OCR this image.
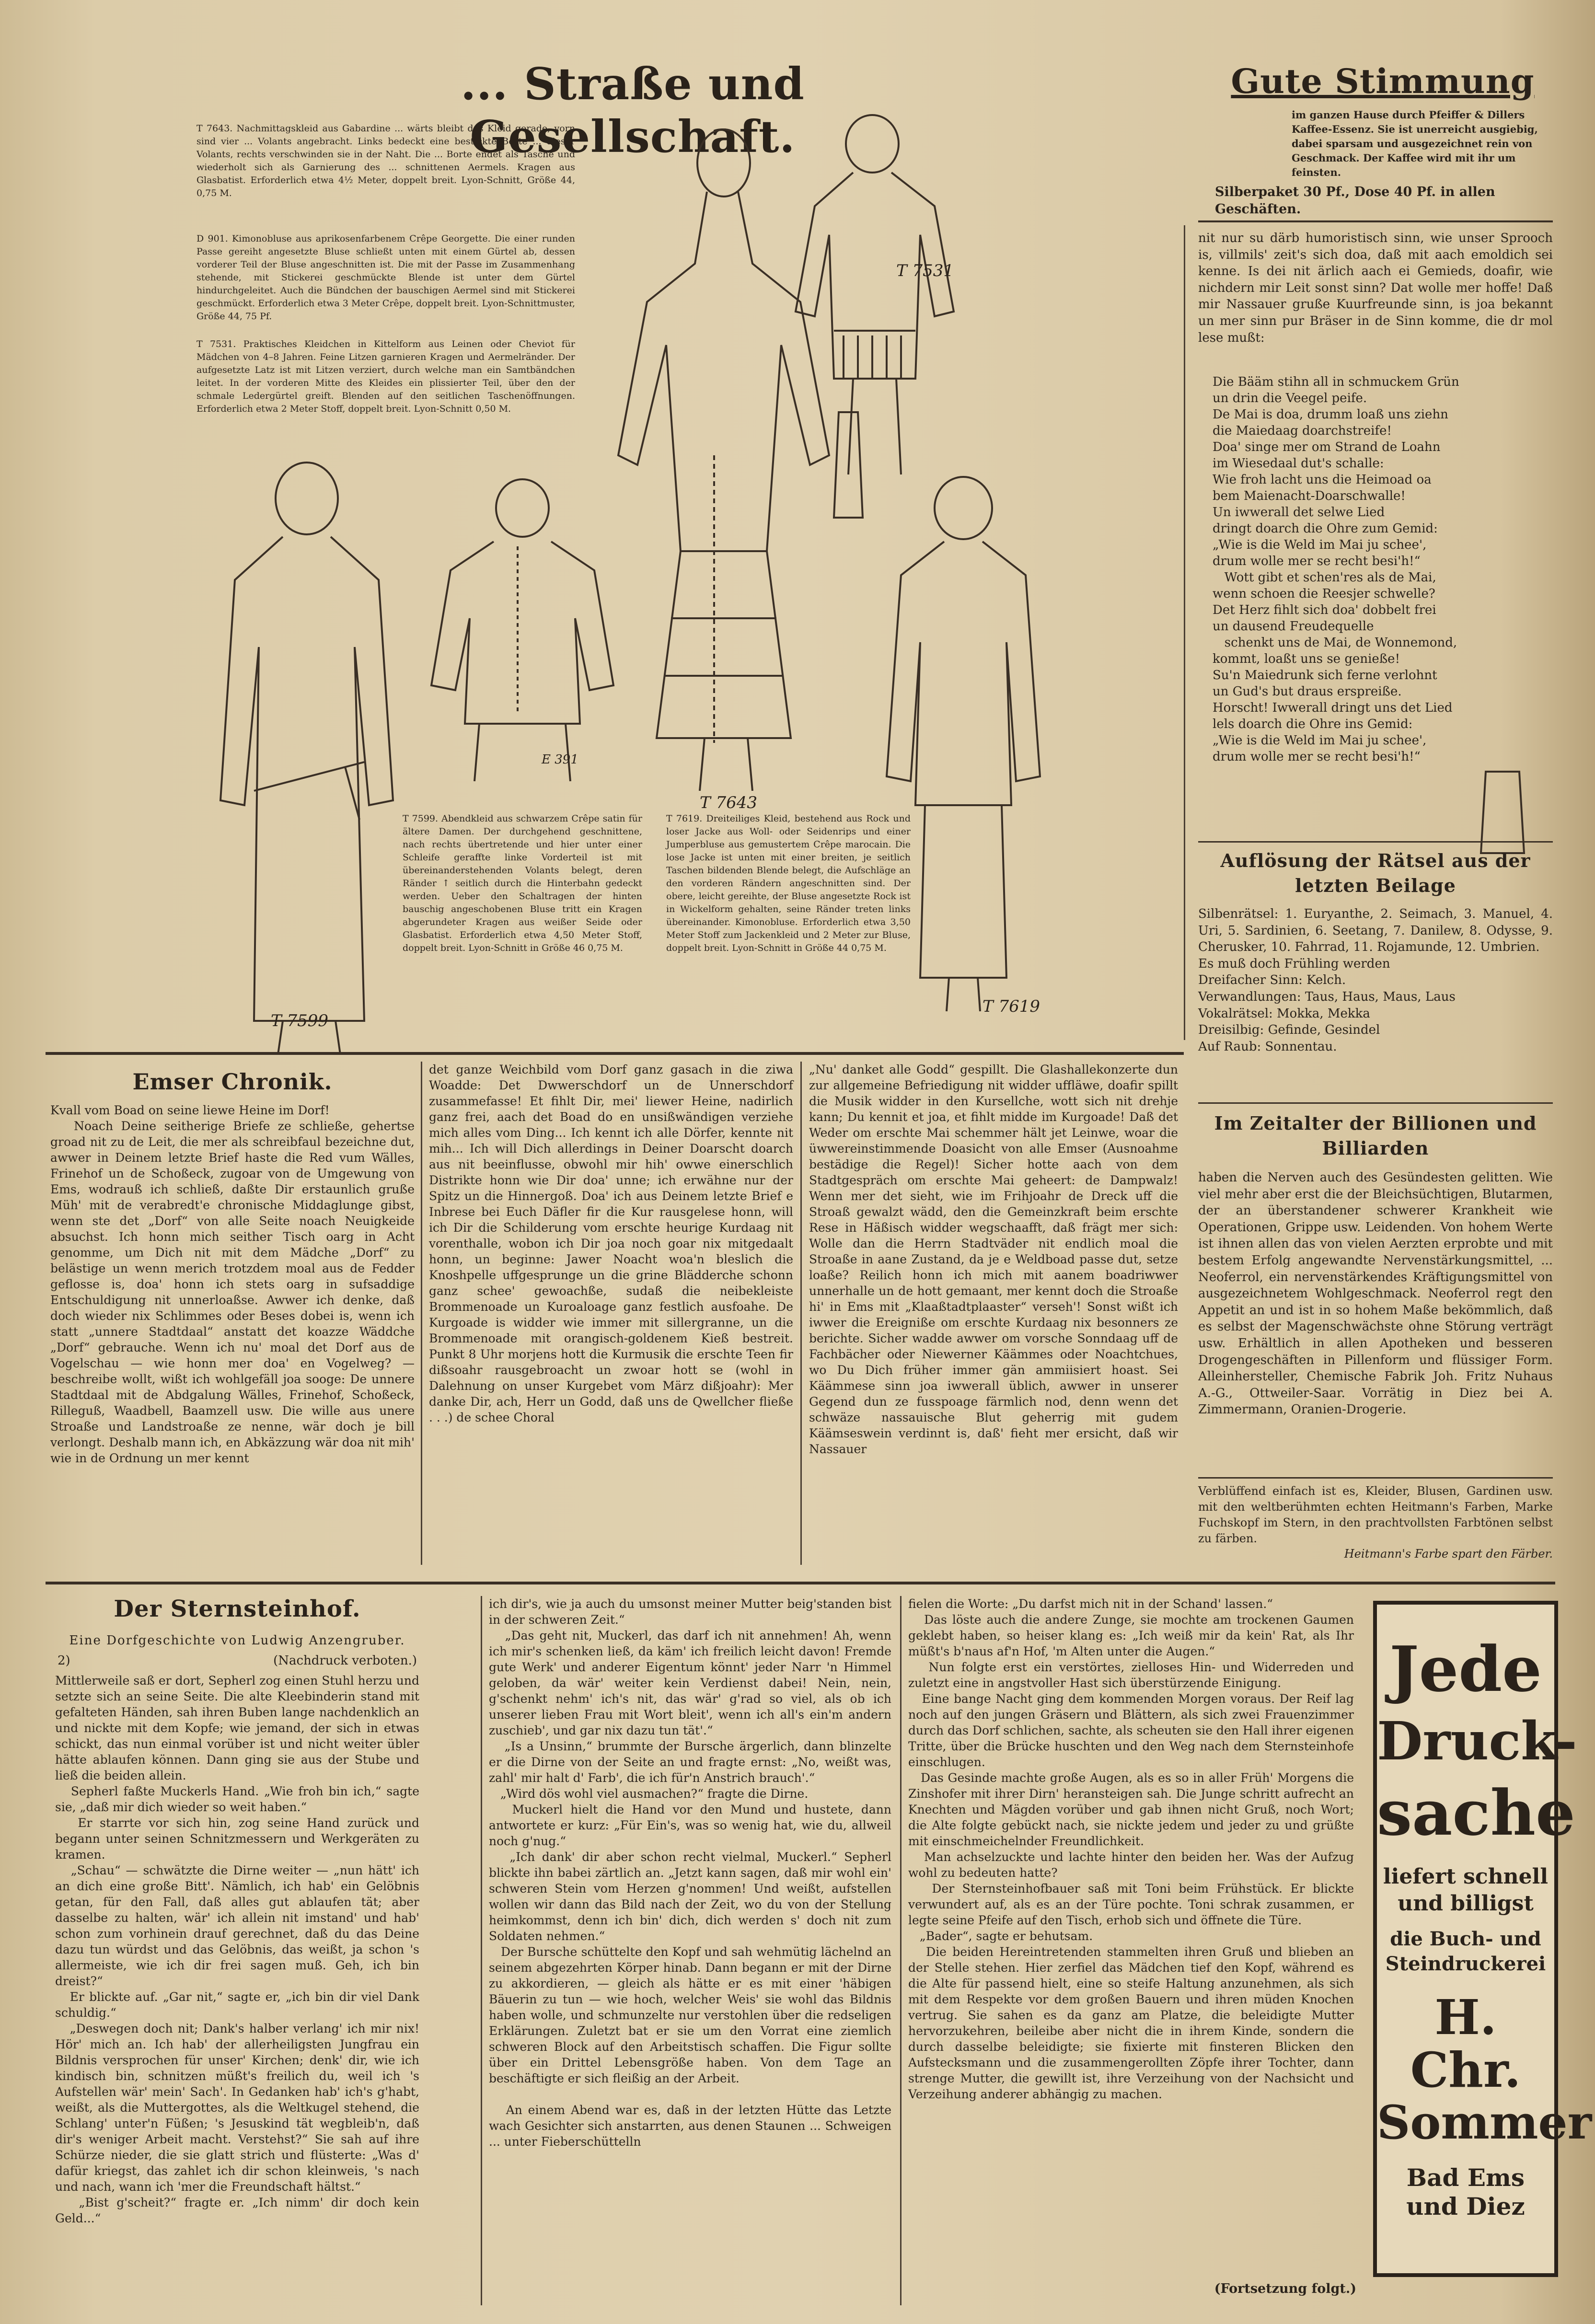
... Straße und Gesellschaft.
Gute Stimmung
im ganzen Hause durch Pfeiffer & Dillers Kaffee-Essenz. Sie ist unerreicht ausgiebig, dabei sparsam und ausgezeichnet rein von Geschmack. Der Kaffee wird mit ihr um feinsten.
Silberpaket 30 Pf., Dose 40 Pf. in allen Geschäften.
T 7643. Nachmittagskleid aus Gabardine ... wärts bleibt das Kleid gerade, vorn sind vier ... Volants angebracht. Links bedeckt eine bestickte Borte ... dieser Volants, rechts verschwinden sie in der Naht. Die ... Borte endet als Tasche und wiederholt sich als Garnierung des ... schnittenen Aermels. Kragen aus Glasbatist. Erforderlich etwa 4½ Meter, doppelt breit. Lyon-Schnitt, Größe 44, 0,75 M.
D 901. Kimonobluse aus aprikosenfarbenem Crêpe Georgette. Die einer runden Passe gereiht angesetzte Bluse schließt unten mit einem Gürtel ab, dessen vorderer Teil der Bluse angeschnitten ist. Die mit der Passe im Zusammenhang stehende, mit Stickerei geschmückte Blende ist unter dem Gürtel hindurchgeleitet. Auch die Bündchen der bauschigen Aermel sind mit Stickerei geschmückt. Erforderlich etwa 3 Meter Crêpe, doppelt breit. Lyon-Schnittmuster, Größe 44, 75 Pf.
T 7531. Praktisches Kleidchen in Kittelform aus Leinen oder Cheviot für Mädchen von 4–8 Jahren. Feine Litzen garnieren Kragen und Aermelränder. Der aufgesetzte Latz ist mit Litzen verziert, durch welche man ein Samtbändchen leitet. In der vorderen Mitte des Kleides ein plissierter Teil, über den der schmale Ledergürtel greift. Blenden auf den seitlichen Taschenöffnungen. Erforderlich etwa 2 Meter Stoff, doppelt breit. Lyon-Schnitt 0,50 M.
T 7599. Abendkleid aus schwarzem Crêpe satin für ältere Damen. Der durchgehend geschnittene, nach rechts übertretende und hier unter einer Schleife geraffte linke Vorderteil ist mit übereinanderstehenden Volants belegt, deren Ränder ↑ seitlich durch die Hinterbahn gedeckt werden. Ueber den Schaltragen der hinten bauschig angeschobenen Bluse tritt ein Kragen abgerundeter Kragen aus weißer Seide oder Glasbatist. Erforderlich etwa 4,50 Meter Stoff, doppelt breit. Lyon-Schnitt in Größe 46 0,75 M.
T 7619. Dreiteiliges Kleid, bestehend aus Rock und loser Jacke aus Woll- oder Seidenrips und einer Jumperbluse aus gemustertem Crêpe marocain. Die lose Jacke ist unten mit einer breiten, je seitlich Taschen bildenden Blende belegt, die Aufschläge an den vorderen Rändern angeschnitten sind. Der obere, leicht gereihte, der Bluse angesetzte Rock ist in Wickelform gehalten, seine Ränder treten links übereinander. Kimonobluse. Erforderlich etwa 3,50 Meter Stoff zum Jackenkleid und 2 Meter zur Bluse, doppelt breit. Lyon-Schnitt in Größe 44 0,75 M.
T 7531
E 391
T 7643
T 7599
T 7619
nit nur su därb humoristisch sinn, wie unser Sprooch is, villmils' zeit's sich doa, daß mit aach emoldich sei kenne. Is dei nit ärlich aach ei Gemieds, doafir, wie nichdern mir Leit sonst sinn? Dat wolle mer hoffe! Daß mir Nassauer gruße Kuurfreunde sinn, is joa bekannt un mer sinn pur Bräser in de Sinn komme, die dr mol lese mußt:
Die Bääm stihn all in schmuckem Grün
un drin die Veegel peife.
De Mai is doa, drumm loaß uns ziehn
die Maiedaag doarchstreife!
Doa' singe mer om Strand de Loahn
im Wiesedaal dut's schalle:
Wie froh lacht uns die Heimoad oa
bem Maienacht-Doarschwalle!
Un iwwerall det selwe Lied
dringt doarch die Ohre zum Gemid:
„Wie is die Weld im Mai ju schee',
drum wolle mer se recht besi'h!“
Wott gibt et schen'res als de Mai,
wenn schoen die Reesjer schwelle?
Det Herz fihlt sich doa' dobbelt frei
un dausend Freudequelle
schenkt uns de Mai, de Wonnemond,
kommt, loaßt uns se genieße!
Su'n Maiedrunk sich ferne verlohnt
un Gud's but draus erspreiße.
Horscht! Iwwerall dringt uns det Lied
lels doarch die Ohre ins Gemid:
„Wie is die Weld im Mai ju schee',
drum wolle mer se recht besi'h!“
Auflösung der Rätsel aus der letzten Beilage
Silbenrätsel: 1. Euryanthe, 2. Seimach, 3. Manuel, 4. Uri, 5. Sardinien, 6. Seetang, 7. Danilew, 8. Odysse, 9. Cherusker, 10. Fahrrad, 11. Rojamunde, 12. Umbrien.
Es muß doch Frühling werden
Dreifacher Sinn: Kelch.
Verwandlungen: Taus, Haus, Maus, Laus
Vokalrätsel: Mokka, Mekka
Dreisilbig: Gefinde, Gesindel
Auf Raub: Sonnentau.
Im Zeitalter der Billionen und Billiarden
haben die Nerven auch des Gesündesten gelitten. Wie viel mehr aber erst die der Bleichsüchtigen, Blutarmen, der an überstandener schwerer Krankheit wie Operationen, Grippe usw. Leidenden. Von hohem Werte ist ihnen allen das von vielen Aerzten erprobte und mit bestem Erfolg angewandte Nervenstärkungsmittel, ... Neoferrol, ein nervenstärkendes Kräftigungsmittel von ausgezeichnetem Wohlgeschmack. Neoferrol regt den Appetit an und ist in so hohem Maße bekömmlich, daß es selbst der Magenschwächste ohne Störung verträgt usw. Erhältlich in allen Apotheken und besseren Drogengeschäften in Pillenform und flüssiger Form. Alleinhersteller, Chemische Fabrik Joh. Fritz Nuhaus A.-G., Ottweiler-Saar. Vorrätig in Diez bei A. Zimmermann, Oranien-Drogerie.
Verblüffend einfach ist es, Kleider, Blusen, Gardinen usw. mit den weltberühmten echten Heitmann's Farben, Marke Fuchskopf im Stern, in den prachtvollsten Farbtönen selbst zu färben.
Heitmann's Farbe spart den Färber.
Emser Chronik.
Kvall vom Boad on seine liewe Heine im Dorf!
Noach Deine seitherige Briefe ze schließe, gehertse groad nit zu de Leit, die mer als schreibfaul bezeichne dut, awwer in Deinem letzte Brief haste die Red vum Wälles, Frinehof un de Schoßeck, zugoar von de Umgewung von Ems, wodrauß ich schließ, daßte Dir erstaunlich gruße Müh' mit de verabredt'e chronische Middaglunge gibst, wenn ste det „Dorf“ von alle Seite noach Neuigkeide absuchst. Ich honn mich seither Tisch oarg in Acht genomme, um Dich nit mit dem Mädche „Dorf“ zu belästige un wenn merich trotzdem moal aus de Fedder geflosse is, doa' honn ich stets oarg in sufsaddige Entschuldigung nit unnerloaßse. Awwer ich denke, daß doch wieder nix Schlimmes oder Beses dobei is, wenn ich statt „unnere Stadtdaal“ anstatt det koazze Wäddche „Dorf“ gebrauche. Wenn ich nu' moal det Dorf aus de Vogelschau — wie honn mer doa' en Vogelweg? — beschreibe wollt, wißt ich wohlgefäll joa sooge: De unnere Stadtdaal mit de Abdgalung Wälles, Frinehof, Schoßeck, Rilleguß, Waadbell, Baamzell usw. Die wille aus unere Stroaße und Landstroaße ze nenne, wär doch je bill verlongt. Deshalb mann ich, en Abkäzzung wär doa nit mih' wie in de Ordnung un mer kennt
det ganze Weichbild vom Dorf ganz gasach in die ziwa Woadde: Det Dwwerschdorf un de Unnerschdorf zusammefasse! Et fihlt Dir, mei' liewer Heine, nadirlich ganz frei, aach det Boad do en unsißwändigen verziehe mich alles vom Ding... Ich kennt ich alle Dörfer, kennte nit mih... Ich will Dich allerdings in Deiner Doarscht doarch aus nit beeinflusse, obwohl mir hih' owwe einerschlich Distrikte honn wie Dir doa' unne; ich erwähne nur der Spitz un die Hinnergoß. Doa' ich aus Deinem letzte Brief e Inbrese bei Euch Däfler fir die Kur rausgelese honn, will ich Dir die Schilderung vom erschte heurige Kurdaag nit vorenthalle, wobon ich Dir joa noch goar nix mitgedaalt honn, un beginne: Jawer Noacht woa'n bleslich die Knoshpelle uffgesprunge un die grine Blädderche schonn ganz schee' gewoachße, sudaß die neibekleiste Brommenoade un Kuroaloage ganz festlich ausfoahe. De Kurgoade is widder wie immer mit sillergranne, un die Brommenoade mit orangisch-goldenem Kieß bestreit. Punkt 8 Uhr morjens hott die Kurmusik die erschte Teen fir dißsoahr rausgebroacht un zwoar hott se (wohl in Dalehnung on unser Kurgebet vom März dißjoahr): Mer danke Dir, ach, Herr un Godd, daß uns de Qwellcher fließe . . .) de schee Choral
„Nu' danket alle Godd“ gespillt. Die Glashallekonzerte dun zur allgemeine Befriedigung nit widder uffläwe, doafir spillt die Musik widder in den Kursellche, wott sich nit drehje kann; Du kennit et joa, et fihlt midde im Kurgoade! Daß det Weder om erschte Mai schemmer hält jet Leinwe, woar die üwwereinstimmende Doasicht von alle Emser (Ausnoahme bestädige die Regel)! Sicher hotte aach von dem Stadtgespräch om erschte Mai geheert: de Dampwalz! Wenn mer det sieht, wie im Frihjoahr de Dreck uff die Stroaß gewalzt wädd, den die Gemeinzkraft beim erschte Rese in Häßisch widder wegschaafft, daß frägt mer sich: Wolle dan die Herrn Stadtväder nit endlich moal die Stroaße in aane Zustand, da je e Weldboad passe dut, setze loaße? Reilich honn ich mich mit aanem boadriwwer unnerhalle un de hott gemaant, mer kennt doch die Stroaße hi' in Ems mit „Klaaßtadtplaaster“ verseh'! Sonst wißt ich iwwer die Ereigniße om erschte Kurdaag nix besonners ze berichte. Sicher wadde awwer om vorsche Sonndaag uff de Fachbächer oder Niewerner Käämmes oder Noachtchues, wo Du Dich früher immer gän ammiisiert hoast. Sei Käämmese sinn joa iwwerall üblich, awwer in unserer Gegend dun ze fusspoage färmlich nod, denn wenn det schwäze nassauische Blut geherrig mit gudem Käämseswein verdinnt is, daß' fieht mer ersicht, daß wir Nassauer
Der Sternsteinhof.
Eine Dorfgeschichte von Ludwig Anzengruber.
2)	(Nachdruck verboten.)
Mittlerweile saß er dort, Sepherl zog einen Stuhl herzu und setzte sich an seine Seite. Die alte Kleebinderin stand mit gefalteten Händen, sah ihren Buben lange nachdenklich an und nickte mit dem Kopfe; wie jemand, der sich in etwas schickt, das nun einmal vorüber ist und nicht weiter übler hätte ablaufen können. Dann ging sie aus der Stube und ließ die beiden allein.
Sepherl faßte Muckerls Hand. „Wie froh bin ich,“ sagte sie, „daß mir dich wieder so weit haben.“
Er starrte vor sich hin, zog seine Hand zurück und begann unter seinen Schnitzmessern und Werkgeräten zu kramen.
„Schau“ — schwätzte die Dirne weiter — „nun hätt' ich an dich eine große Bitt'. Nämlich, ich hab' ein Gelöbnis getan, für den Fall, daß alles gut ablaufen tät; aber dasselbe zu halten, wär' ich allein nit imstand' und hab' schon zum vorhinein drauf gerechnet, daß du das Deine dazu tun würdst und das Gelöbnis, das weißt, ja schon 's allermeiste, wie ich dir frei sagen muß. Geh, ich bin dreist?“
Er blickte auf. „Gar nit,“ sagte er, „ich bin dir viel Dank schuldig.“
„Deswegen doch nit; Dank's halber verlang' ich mir nix! Hör' mich an. Ich hab' der allerheiligsten Jungfrau ein Bildnis versprochen für unser' Kirchen; denk' dir, wie ich kindisch bin, schnitzen müßt's freilich du, weil ich 's Aufstellen wär' mein' Sach'. In Gedanken hab' ich's g'habt, weißt, als die Muttergottes, als die Weltkugel stehend, die Schlang' unter'n Füßen; 's Jesuskind tät wegbleib'n, daß dir's weniger Arbeit macht. Verstehst?“ Sie sah auf ihre Schürze nieder, die sie glatt strich und flüsterte: „Was d' dafür kriegst, das zahlet ich dir schon kleinweis, 's nach und nach, wann ich 'mer die Freundschaft hältst.“
„Bist g'scheit?“ fragte er. „Ich nimm' dir doch kein Geld...“
ich dir's, wie ja auch du umsonst meiner Mutter beig'standen bist in der schweren Zeit.“
„Das geht nit, Muckerl, das darf ich nit annehmen! Ah, wenn ich mir's schenken ließ, da käm' ich freilich leicht davon! Fremde gute Werk' und anderer Eigentum könnt' jeder Narr 'n Himmel geloben, da wär' weiter kein Verdienst dabei! Nein, nein, g'schenkt nehm' ich's nit, das wär' g'rad so viel, als ob ich unserer lieben Frau mit Wort bleit', wenn ich all's ein'm andern zuschieb', und gar nix dazu tun tät'.“
„Is a Unsinn,“ brummte der Bursche ärgerlich, dann blinzelte er die Dirne von der Seite an und fragte ernst: „No, weißt was, zahl' mir halt d' Farb', die ich für'n Anstrich brauch'.“
„Wird dös wohl viel ausmachen?“ fragte die Dirne.
Muckerl hielt die Hand vor den Mund und hustete, dann antwortete er kurz: „Für Ein's, was so wenig hat, wie du, allweil noch g'nug.“
„Ich dank' dir aber schon recht vielmal, Muckerl.“ Sepherl blickte ihn babei zärtlich an. „Jetzt kann sagen, daß mir wohl ein' schweren Stein vom Herzen g'nommen! Und weißt, aufstellen wollen wir dann das Bild nach der Zeit, wo du von der Stellung heimkommst, denn ich bin' dich, dich werden s' doch nit zum Soldaten nehmen.“
Der Bursche schüttelte den Kopf und sah wehmütig lächelnd an seinem abgezehrten Körper hinab. Dann begann er mit der Dirne zu akkordieren, — gleich als hätte er es mit einer 'häbigen Bäuerin zu tun — wie hoch, welcher Weis' sie wohl das Bildnis haben wolle, und schmunzelte nur verstohlen über die redseligen Erklärungen. Zuletzt bat er sie um den Vorrat eine ziemlich schweren Block auf den Arbeitstisch schaffen. Die Figur sollte über ein Drittel Lebensgröße haben. Von dem Tage an beschäftigte er sich fleißig an der Arbeit.

An einem Abend war es, daß in der letzten Hütte das Letzte wach Gesichter sich anstarrten, aus denen Staunen ... Schweigen ... unter Fieberschüttelln
fielen die Worte: „Du darfst mich nit in der Schand' lassen.“
Das löste auch die andere Zunge, sie mochte am trockenen Gaumen geklebt haben, so heiser klang es: „Ich weiß mir da kein' Rat, als Ihr müßt's b'naus af'n Hof, 'm Alten unter die Augen.“
Nun folgte erst ein verstörtes, zielloses Hin- und Widerreden und zuletzt eine in angstvoller Hast sich überstürzende Einigung.
Eine bange Nacht ging dem kommenden Morgen voraus. Der Reif lag noch auf den jungen Gräsern und Blättern, als sich zwei Frauenzimmer durch das Dorf schlichen, sachte, als scheuten sie den Hall ihrer eigenen Tritte, über die Brücke huschten und den Weg nach dem Sternsteinhofe einschlugen.
Das Gesinde machte große Augen, als es so in aller Früh' Morgens die Zinshofer mit ihrer Dirn' heransteigen sah. Die Junge schritt aufrecht an Knechten und Mägden vorüber und gab ihnen nicht Gruß, noch Wort; die Alte folgte gebückt nach, sie nickte jedem und jeder zu und grüßte mit einschmeichelnder Freundlichkeit.
Man achselzuckte und lachte hinter den beiden her. Was der Aufzug wohl zu bedeuten hatte?
Der Sternsteinhofbauer saß mit Toni beim Frühstück. Er blickte verwundert auf, als es an der Türe pochte. Toni schrak zusammen, er legte seine Pfeife auf den Tisch, erhob sich und öffnete die Türe.
„Bader“, sagte er behutsam.
Die beiden Hereintretenden stammelten ihren Gruß und blieben an der Stelle stehen. Hier zerfiel das Mädchen tief den Kopf, während es die Alte für passend hielt, eine so steife Haltung anzunehmen, als sich mit dem Respekte vor dem großen Bauern und ihren müden Knochen vertrug. Sie sahen es da ganz am Platze, die beleidigte Mutter hervorzukehren, beileibe aber nicht die in ihrem Kinde, sondern die durch dasselbe beleidigte; sie fixierte mit finsteren Blicken den Aufstecksmann und die zusammengerollten Zöpfe ihrer Tochter, dann strenge Mutter, die gewillt ist, ihre Verzeihung von der Nachsicht und Verzeihung anderer abhängig zu machen.
(Fortsetzung folgt.)
Jede
Druck-
sache
liefert schnell und billigst
die Buch- und Steindruckerei
H. Chr.
Sommer
Bad Ems und Diez
